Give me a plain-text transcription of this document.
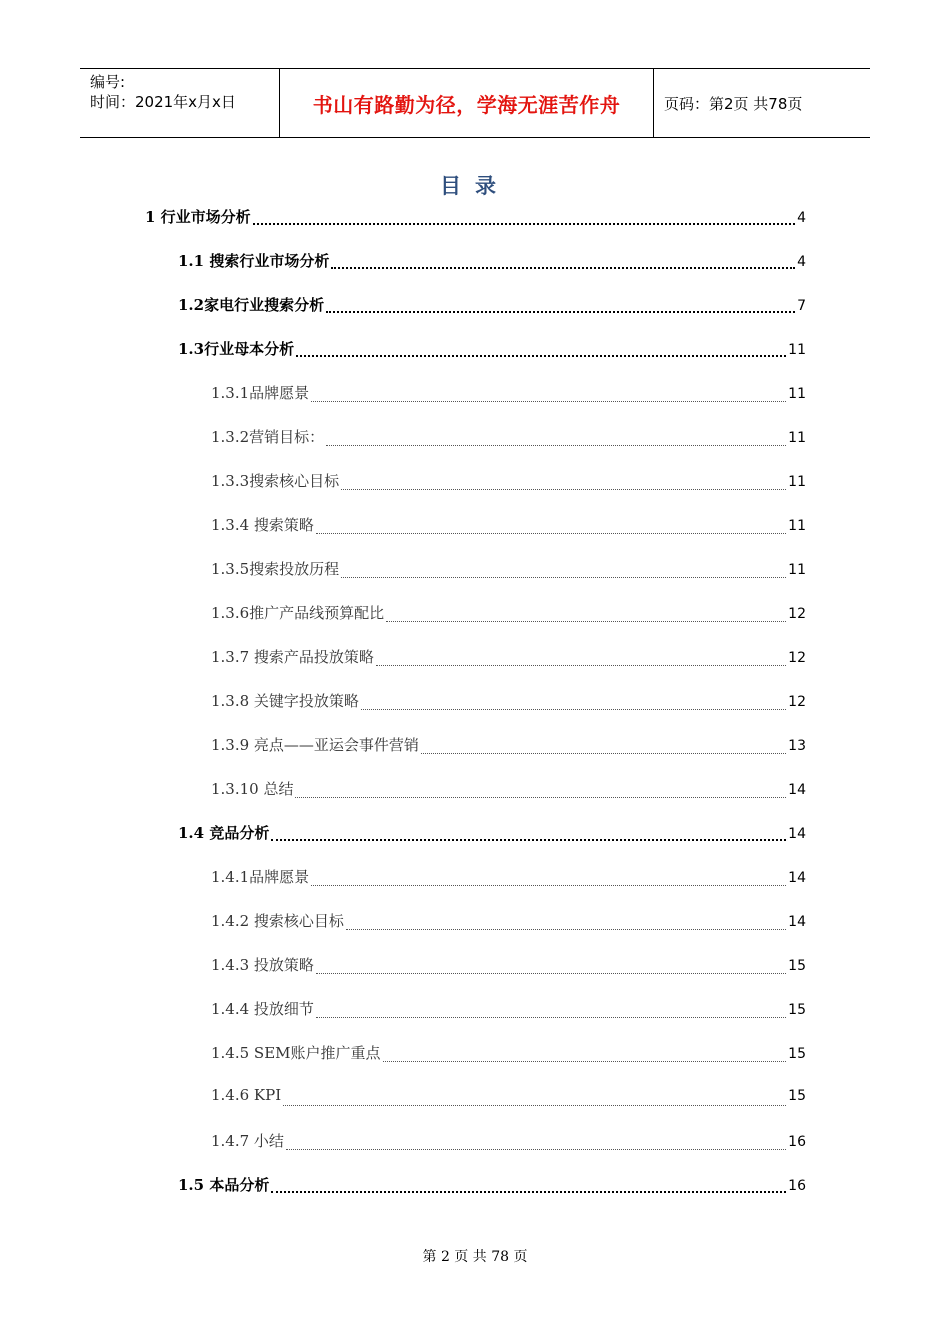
编号:
时间：2021年x月x日	书山有路勤为径，学海无涯苦作舟	页码：第2页 共78页
目录
1 行业市场分析	4
1.1 搜索行业市场分析	4
1.2家电行业搜索分析	7
1.3行业母本分析	11
1.3.1品牌愿景	11
1.3.2营销目标：	11
1.3.3搜索核心目标	11
1.3.4 搜索策略	11
1.3.5搜索投放历程	11
1.3.6推广产品线预算配比	12
1.3.7 搜索产品投放策略	12
1.3.8 关键字投放策略	12
1.3.9 亮点——亚运会事件营销	13
1.3.10 总结	14
1.4 竞品分析	14
1.4.1品牌愿景	14
1.4.2 搜索核心目标	14
1.4.3 投放策略	15
1.4.4 投放细节	15
1.4.5 SEM账户推广重点	15
1.4.6 KPI	15
1.4.7 小结	16
1.5 本品分析	16
第 2 页 共 78 页
